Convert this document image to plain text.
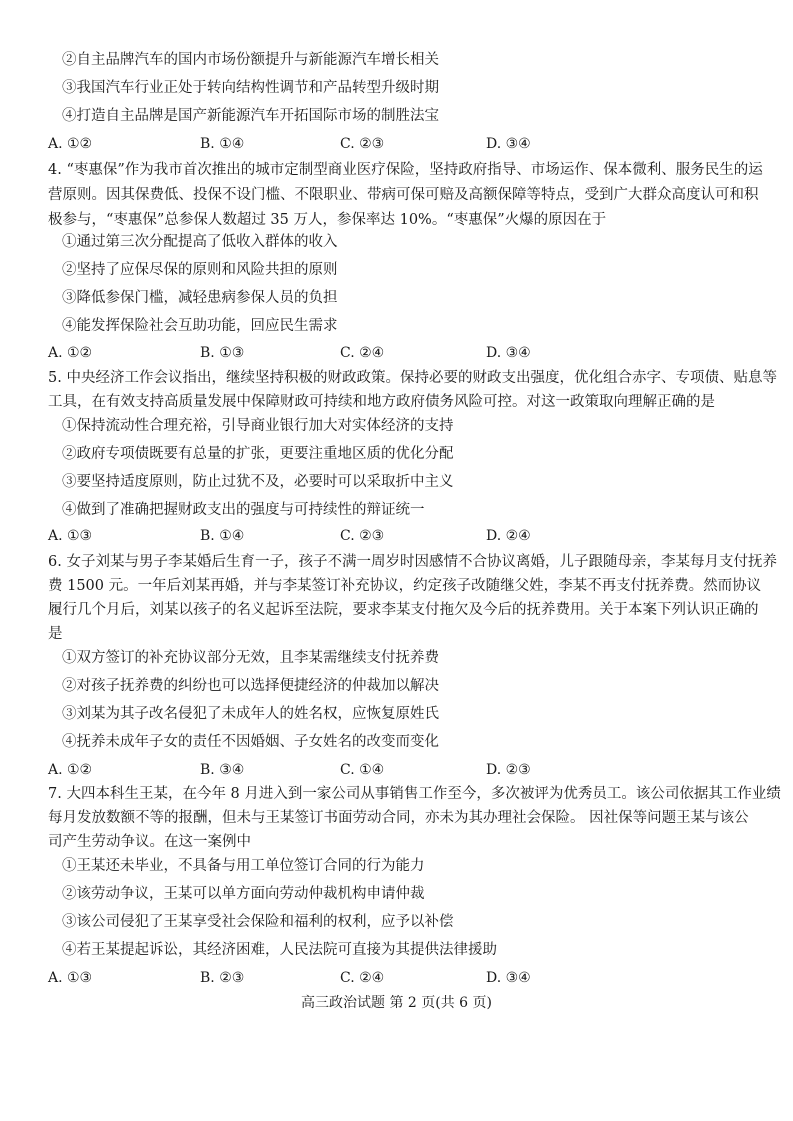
②自主品牌汽车的国内市场份额提升与新能源汽车增长相关
③我国汽车行业正处于转向结构性调节和产品转型升级时期
④打造自主品牌是国产新能源汽车开拓国际市场的制胜法宝
A. ①②	B. ①④	C. ②③	D. ③④
4. “枣惠保”作为我市首次推出的城市定制型商业医疗保险，坚持政府指导、市场运作、保本微利、服务民生的运
营原则。因其保费低、投保不设门槛、不限职业、带病可保可赔及高额保障等特点，受到广大群众高度认可和积
极参与，“枣惠保”总参保人数超过 35 万人，参保率达 10%。“枣惠保”火爆的原因在于
①通过第三次分配提高了低收入群体的收入
②坚持了应保尽保的原则和风险共担的原则
③降低参保门槛，减轻患病参保人员的负担
④能发挥保险社会互助功能，回应民生需求
A. ①②	B. ①③	C. ②④	D. ③④
5. 中央经济工作会议指出，继续坚持积极的财政政策。保持必要的财政支出强度，优化组合赤字、专项债、贴息等
工具，在有效支持高质量发展中保障财政可持续和地方政府债务风险可控。对这一政策取向理解正确的是
①保持流动性合理充裕，引导商业银行加大对实体经济的支持
②政府专项债既要有总量的扩张，更要注重地区质的优化分配
③要坚持适度原则，防止过犹不及，必要时可以采取折中主义
④做到了准确把握财政支出的强度与可持续性的辩证统一
A. ①③	B. ①④	C. ②③	D. ②④
6. 女子刘某与男子李某婚后生育一子，孩子不满一周岁时因感情不合协议离婚，儿子跟随母亲，李某每月支付抚养
费 1500 元。一年后刘某再婚，并与李某签订补充协议，约定孩子改随继父姓，李某不再支付抚养费。然而协议
履行几个月后，刘某以孩子的名义起诉至法院，要求李某支付拖欠及今后的抚养费用。关于本案下列认识正确的
是
①双方签订的补充协议部分无效，且李某需继续支付抚养费
②对孩子抚养费的纠纷也可以选择便捷经济的仲裁加以解决
③刘某为其子改名侵犯了未成年人的姓名权，应恢复原姓氏
④抚养未成年子女的责任不因婚姻、子女姓名的改变而变化
A. ①②	B. ③④	C. ①④	D. ②③
7. 大四本科生王某，在今年 8 月进入到一家公司从事销售工作至今，多次被评为优秀员工。该公司依据其工作业绩
每月发放数额不等的报酬，但未与王某签订书面劳动合同，亦未为其办理社会保险。 因社保等问题王某与该公
司产生劳动争议。在这一案例中
①王某还未毕业，不具备与用工单位签订合同的行为能力
②该劳动争议，王某可以单方面向劳动仲裁机构申请仲裁
③该公司侵犯了王某享受社会保险和福利的权利，应予以补偿
④若王某提起诉讼，其经济困难，人民法院可直接为其提供法律援助
A. ①③	B. ②③	C. ②④	D. ③④
高三政治试题 第 2 页(共 6 页)
